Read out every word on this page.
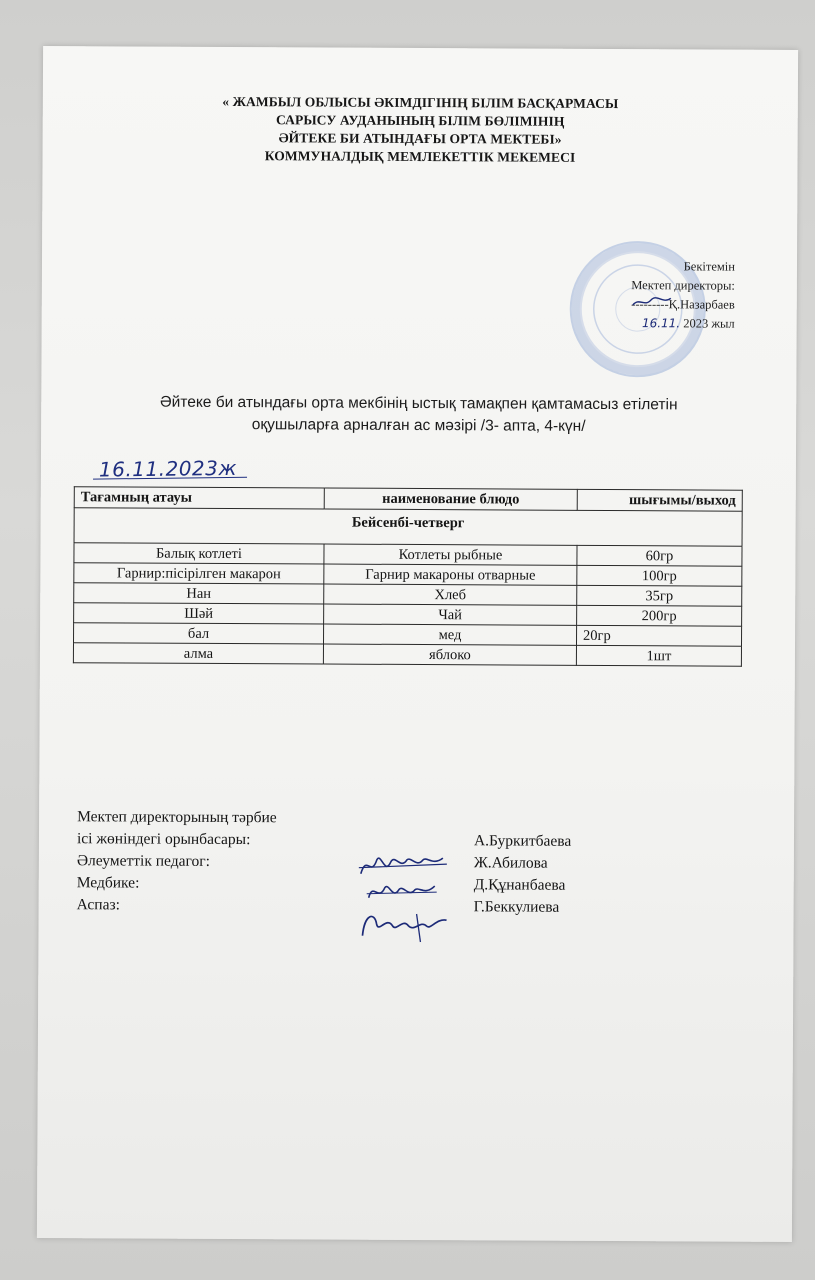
« ЖАМБЫЛ ОБЛЫСЫ ӘКІМДІГІНІҢ БІЛІМ БАСҚАРМАСЫ
САРЫСУ АУДАНЫНЫҢ БІЛІМ БӨЛІМІНІҢ
ӘЙТЕКЕ БИ АТЫНДАҒЫ ОРТА МЕКТЕБІ»
КОММУНАЛДЫҚ МЕМЛЕКЕТТІК МЕКЕМЕСІ
Бекітемін
Мектеп директоры:
---------Қ.Назарбаев
16.11. 2023 жыл
Әйтеке би атындағы орта мекбінің ыстық тамақпен қамтамасыз етілетін
оқушыларға арналған ас мәзірі /3- апта, 4-күн/
16.11.2023ж
Тағамның атауы	наименование блюдо	шығымы/выход
Бейсенбі-четверг		
Балық котлеті	Котлеты рыбные	60гр
Гарнир:пісірілген макарон	Гарнир макароны отварные	100гр
Нан	Хлеб	35гр
Шәй	Чай	200гр
бал	мед	20гр
алма	яблоко	1шт
Мектеп директорының тәрбие
ісі жөніндегі орынбасары:	А.Буркитбаева
Әлеуметтік педагог:	Ж.Абилова
Медбике:	Д.Құнанбаева
Аспаз:	Г.Беккулиева
